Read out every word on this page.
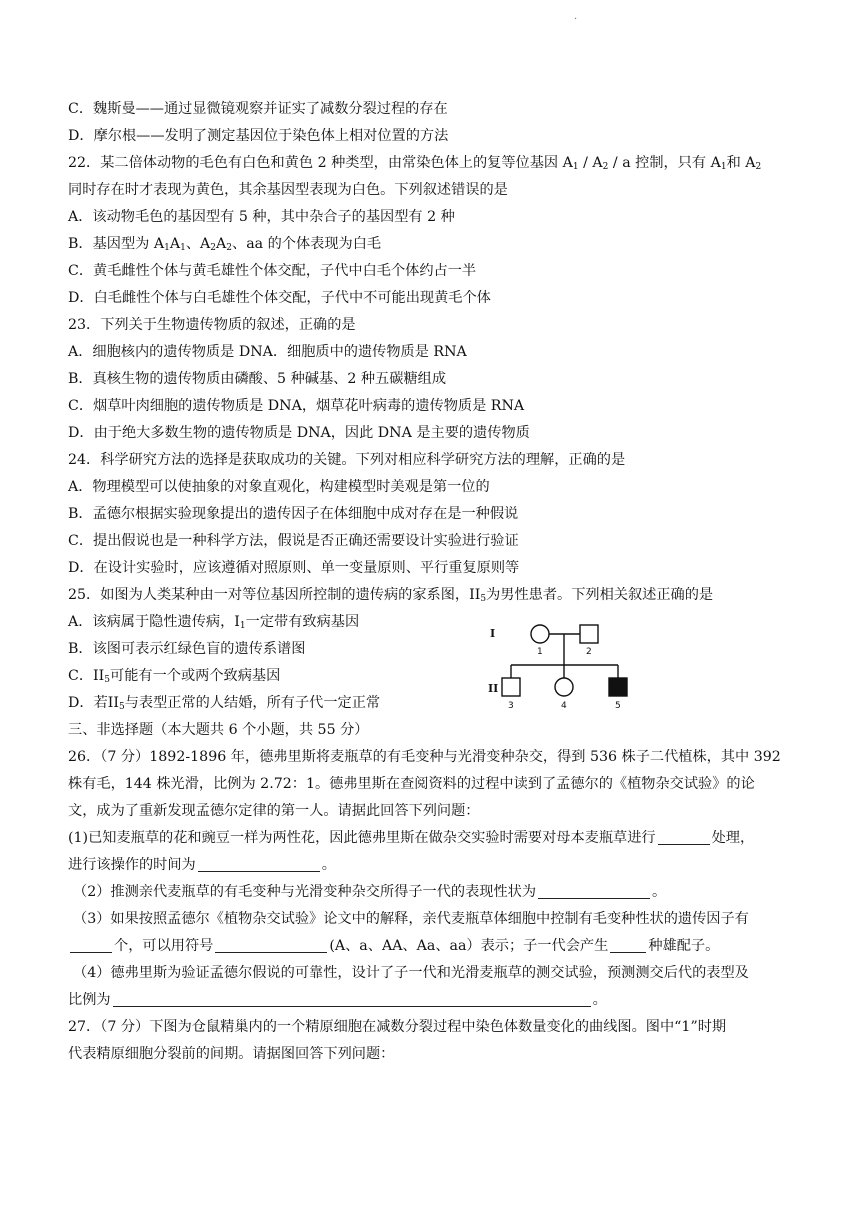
·
C．魏斯曼——通过显微镜观察并证实了减数分裂过程的存在
D．摩尔根——发明了测定基因位于染色体上相对位置的方法
22．某二倍体动物的毛色有白色和黄色 2 种类型，由常染色体上的复等位基因 $A_1 / A_2$ / a 控制，只有 $A_1$和 $A_2$
同时存在时才表现为黄色，其余基因型表现为白色。下列叙述错误的是
A．该动物毛色的基因型有 5 种，其中杂合子的基因型有 2 种
B．基因型为 $A_1A_1$、$A_2A_2$、aa 的个体表现为白毛
C．黄毛雌性个体与黄毛雄性个体交配，子代中白毛个体约占一半
D．白毛雌性个体与白毛雄性个体交配，子代中不可能出现黄毛个体
23．下列关于生物遗传物质的叙述，正确的是
A．细胞核内的遗传物质是 DNA．细胞质中的遗传物质是 RNA
B．真核生物的遗传物质由磷酸、5 种碱基、2 种五碳糖组成
C．烟草叶肉细胞的遗传物质是 DNA，烟草花叶病毒的遗传物质是 RNA
D．由于绝大多数生物的遗传物质是 DNA，因此 DNA 是主要的遗传物质
24．科学研究方法的选择是获取成功的关键。下列对相应科学研究方法的理解，正确的是
A．物理模型可以使抽象的对象直观化，构建模型时美观是第一位的
B．孟德尔根据实验现象提出的遗传因子在体细胞中成对存在是一种假说
C．提出假说也是一种科学方法，假说是否正确还需要设计实验进行验证
D．在设计实验时，应该遵循对照原则、单一变量原则、平行重复原则等
25．如图为人类某种由一对等位基因所控制的遗传病的家系图，$II_5$为男性患者。下列相关叙述正确的是
A．该病属于隐性遗传病，$I_1$一定带有致病基因
B．该图可表示红绿色盲的遗传系谱图
C．$II_5$可能有一个或两个致病基因
D．若$II_5$与表型正常的人结婚，所有子代一定正常
三、非选择题（本大题共 6 个小题，共 55 分）
26．（7 分）1892-1896 年，德弗里斯将麦瓶草的有毛变种与光滑变种杂交，得到 536 株子二代植株，其中 392
株有毛，144 株光滑，比例为 2.72：1。德弗里斯在查阅资料的过程中读到了孟德尔的《植物杂交试验》的论
文，成为了重新发现孟德尔定律的第一人。请据此回答下列问题：
(1)已知麦瓶草的花和豌豆一样为两性花，因此德弗里斯在做杂交实验时需要对母本麦瓶草进行	处理，
进行该操作的时间为	。
（2）推测亲代麦瓶草的有毛变种与光滑变种杂交所得子一代的表现性状为	。
（3）如果按照孟德尔《植物杂交试验》论文中的解释，亲代麦瓶草体细胞中控制有毛变种性状的遗传因子有
个，可以用符号	(A、a、AA、Aa、aa）表示；子一代会产生	种雄配子。
（4）德弗里斯为验证孟德尔假说的可靠性，设计了子一代和光滑麦瓶草的测交试验，预测测交后代的表型及
比例为	。
27．（7 分）下图为仓鼠精巢内的一个精原细胞在减数分裂过程中染色体数量变化的曲线图。图中“1”时期
代表精原细胞分裂前的间期。请据图回答下列问题：
I
II
1	2
3	4	5
